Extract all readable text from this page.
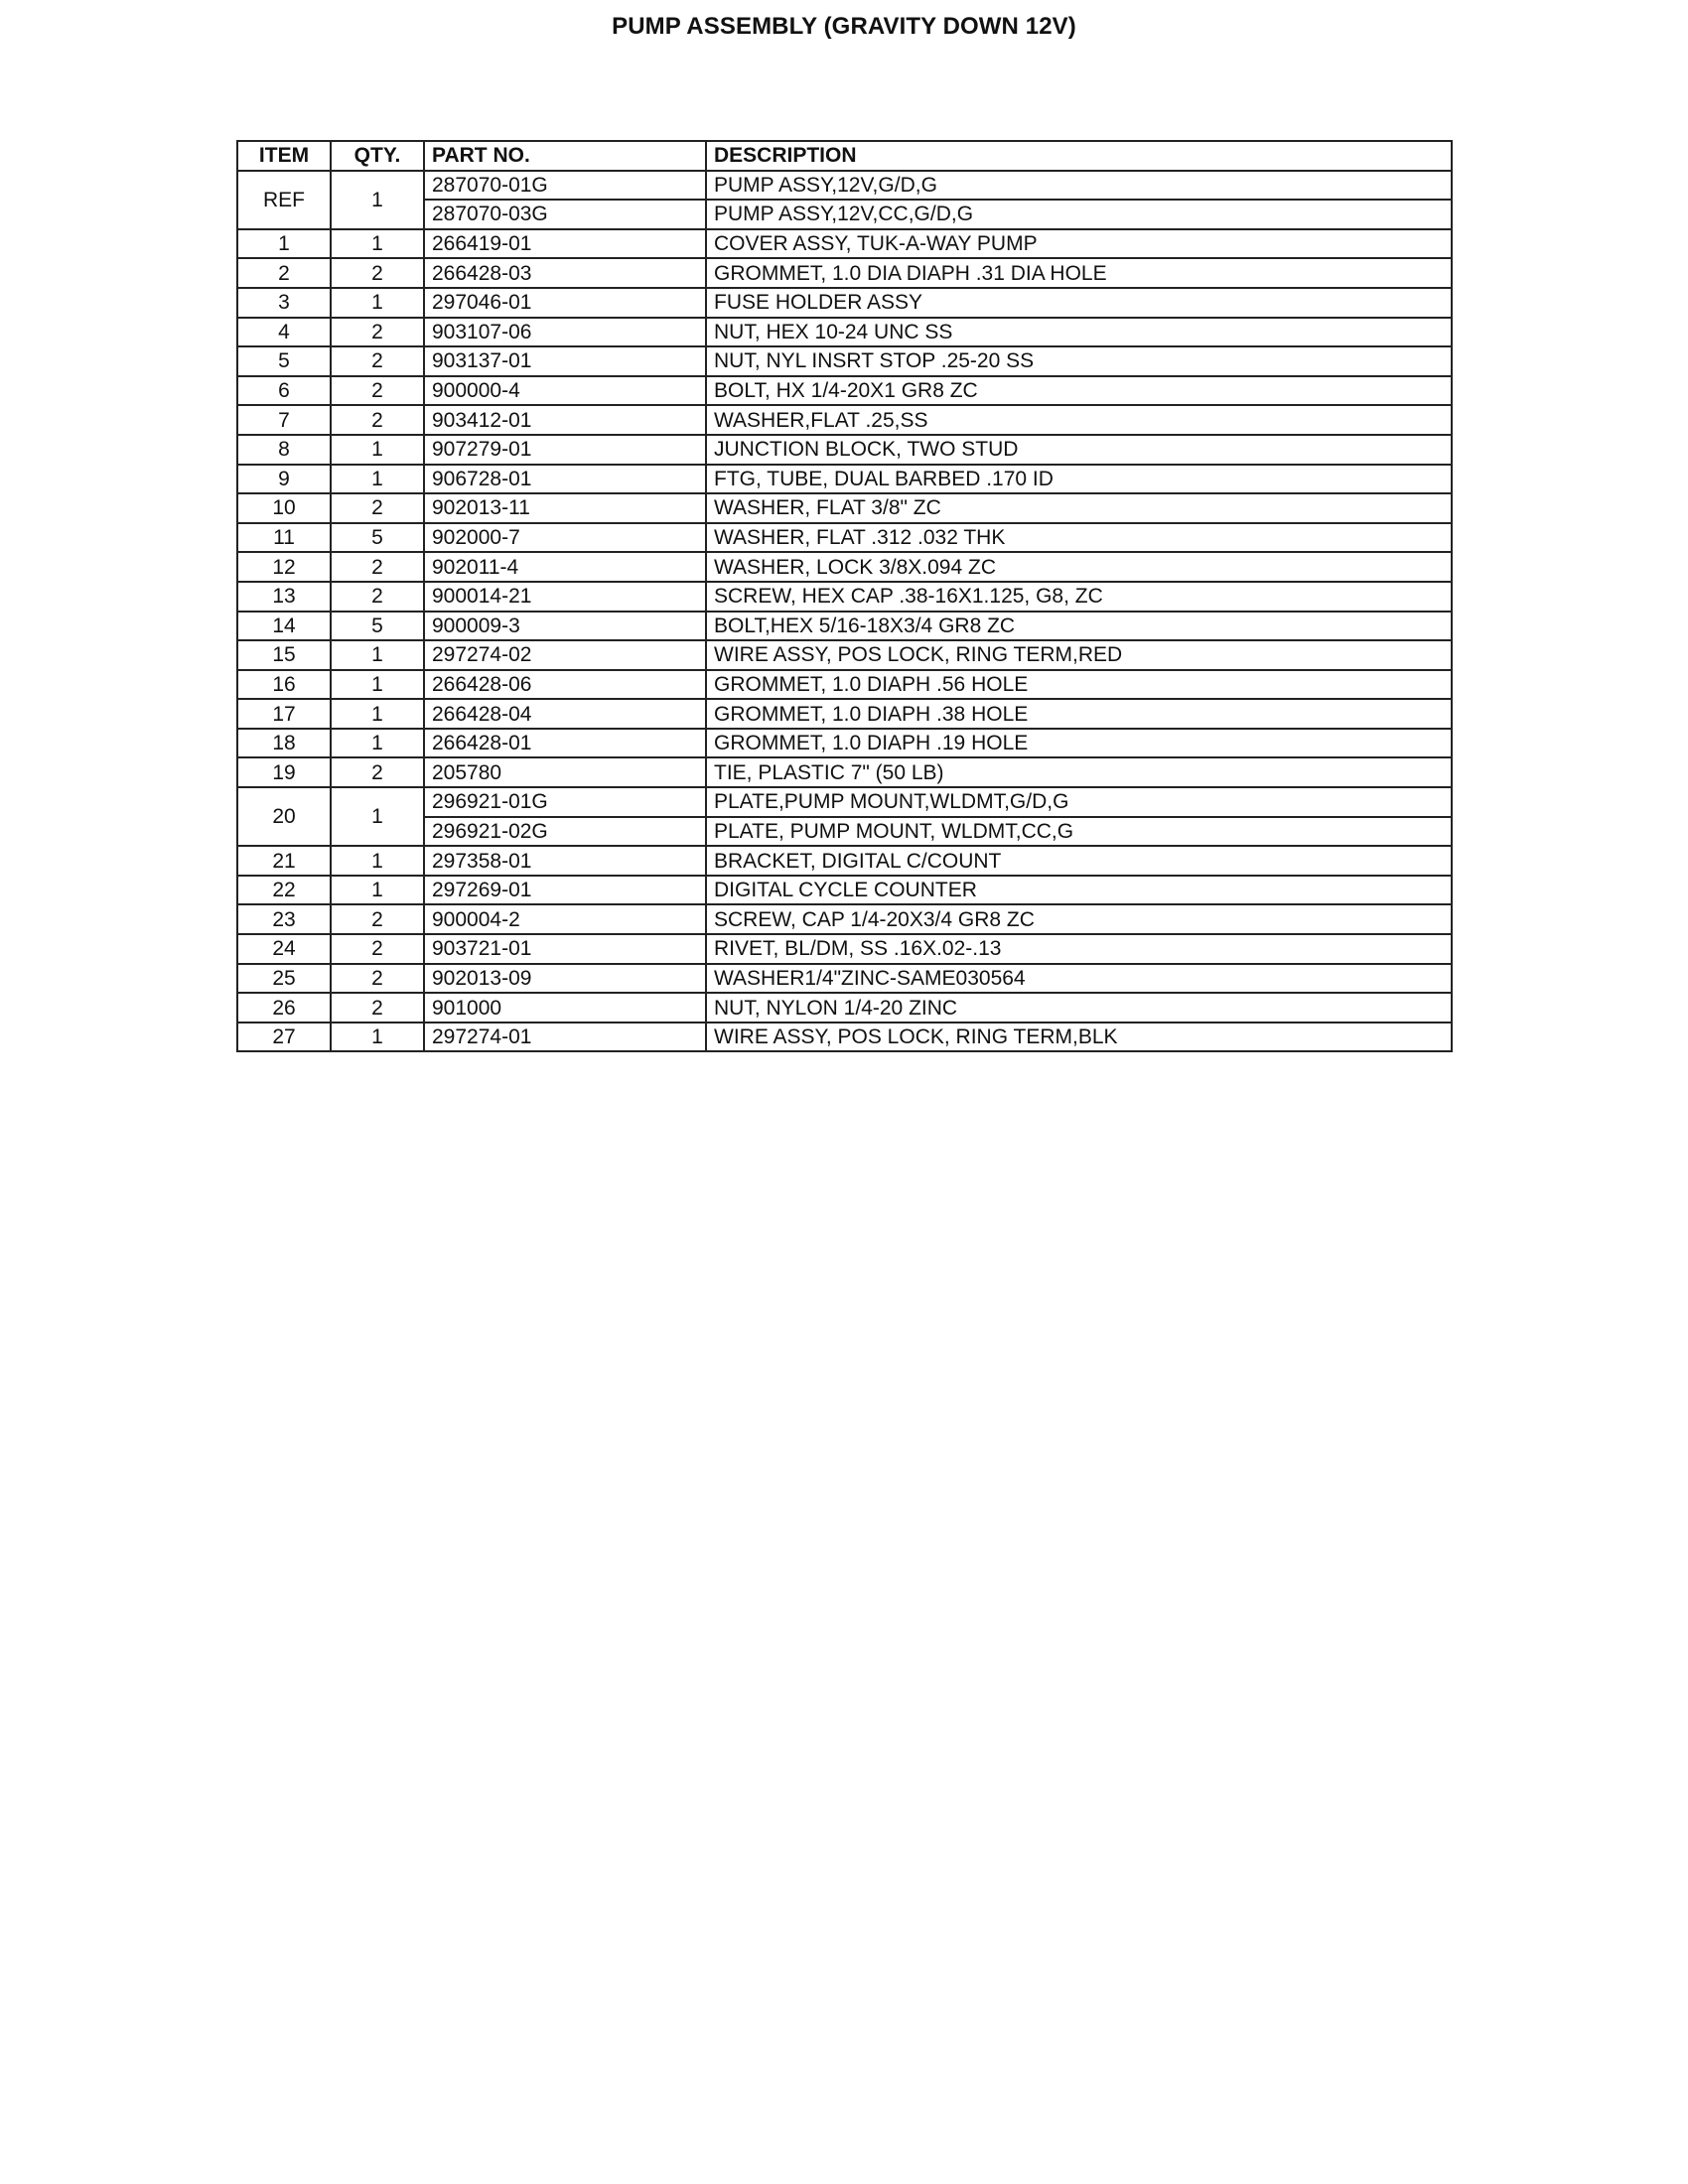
PUMP ASSEMBLY (GRAVITY DOWN 12V)
ITEM	QTY.	PART NO.	DESCRIPTION
REF	1	287070-01G	PUMP ASSY,12V,G/D,G
		287070-03G	PUMP ASSY,12V,CC,G/D,G
1	1	266419-01	COVER ASSY, TUK-A-WAY PUMP
2	2	266428-03	GROMMET, 1.0 DIA DIAPH .31 DIA HOLE
3	1	297046-01	FUSE HOLDER ASSY
4	2	903107-06	NUT, HEX 10-24 UNC SS
5	2	903137-01	NUT, NYL INSRT STOP .25-20 SS
6	2	900000-4	BOLT, HX 1/4-20X1 GR8 ZC
7	2	903412-01	WASHER,FLAT .25,SS
8	1	907279-01	JUNCTION BLOCK, TWO STUD
9	1	906728-01	FTG, TUBE, DUAL BARBED .170 ID
10	2	902013-11	WASHER, FLAT 3/8" ZC
11	5	902000-7	WASHER, FLAT .312 .032 THK
12	2	902011-4	WASHER, LOCK 3/8X.094 ZC
13	2	900014-21	SCREW, HEX CAP .38-16X1.125, G8, ZC
14	5	900009-3	BOLT,HEX 5/16-18X3/4 GR8 ZC
15	1	297274-02	WIRE ASSY, POS LOCK, RING TERM,RED
16	1	266428-06	GROMMET, 1.0 DIAPH .56 HOLE
17	1	266428-04	GROMMET, 1.0 DIAPH .38 HOLE
18	1	266428-01	GROMMET, 1.0 DIAPH .19 HOLE
19	2	205780	TIE, PLASTIC 7" (50 LB)
20	1	296921-01G	PLATE,PUMP MOUNT,WLDMT,G/D,G
		296921-02G	PLATE, PUMP MOUNT, WLDMT,CC,G
21	1	297358-01	BRACKET, DIGITAL C/COUNT
22	1	297269-01	DIGITAL CYCLE COUNTER
23	2	900004-2	SCREW, CAP 1/4-20X3/4 GR8 ZC
24	2	903721-01	RIVET, BL/DM, SS .16X.02-.13
25	2	902013-09	WASHER1/4"ZINC-SAME030564
26	2	901000	NUT, NYLON 1/4-20 ZINC
27	1	297274-01	WIRE ASSY, POS LOCK, RING TERM,BLK
